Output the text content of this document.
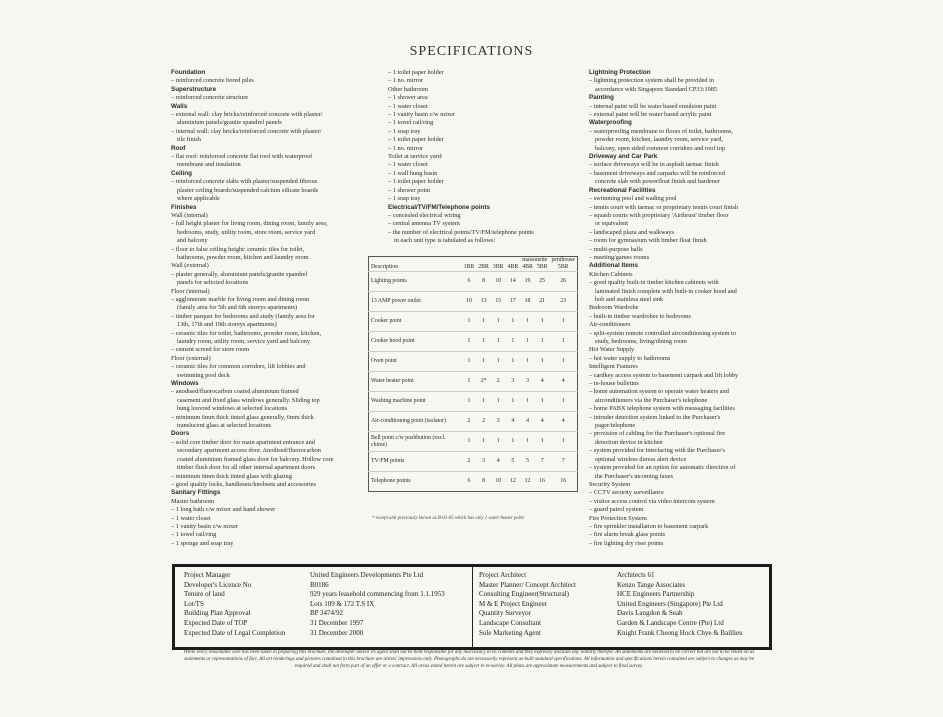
SPECIFICATIONS
Foundation
– reinforced concrete bored piles
Superstructure
– reinforced concrete structure
Walls
– external wall: clay bricks/reinforced concrete with plaster/
aluminium panels/granite spandrel panels
– internal wall: clay bricks/reinforced concrete with plaster/
tile finish
Roof
– flat roof: reinforced concrete flat roof with waterproof
membrane and insulation
Ceiling
– reinforced concrete slabs with plaster/suspended fibrous
plaster ceiling boards/suspended calcium silicate boards
where applicable
Finishes
Wall (internal)
– full height plaster for living room, dining room, family area,
bedrooms, study, utility room, store room, service yard
and balcony
– floor to false ceiling height: ceramic tiles for toilet,
bathrooms, powder room, kitchen and laundry room
Wall (external)
– plaster generally, aluminium panels/granite spandrel
panels for selected locations
Floor (internal)
– agglomerate marble for living room and dining room
(family area for 5th and 6th storeys apartments)
– timber parquet for bedrooms and study (family area for
13th, 17th and 19th storeys apartments)
– ceramic tiles for toilet, bathrooms, powder room, kitchen,
laundry room, utility room, service yard and balcony
– cement screed for store room
Floor (external)
– ceramic tiles for common corridors, lift lobbies and
swimming pool deck
Windows
– anodised/fluorocarbon coated aluminium framed
casement and fixed glass windows generally. Sliding top
hung louvred windows at selected locations
– minimum 6mm thick tinted glass generally, 6mm thick
translucent glass at selected locations
Doors
– solid core timber door for main apartment entrance and
secondary apartment access door. Anodised/fluorocarbon
coated aluminium framed glass door for balcony. Hollow core
timber flush door for all other internal apartment doors
– minimum 6mm thick tinted glass with glazing
– good quality locks, handlesets/knobsets and accessories
Sanitary Fittings
Master bathroom
– 1 long bath c/w mixer and hand shower
– 1 water closet
– 1 vanity basin c/w mixer
– 1 towel rail/ring
– 1 sponge and soap tray
– 1 toilet paper holder
– 1 no. mirror
Other bathroom
– 1 shower area
– 1 water closet
– 1 vanity basin c/w mixer
– 1 towel rail/ring
– 1 soap tray
– 1 toilet paper holder
– 1 no. mirror
Toilet at service yard:
– 1 water closet
– 1 wall hung basin
– 1 toilet paper holder
– 1 shower point
– 1 soap tray
Electrical/TV/FM/Telephone points
– concealed electrical wiring
– central antenna TV system
– the number of electrical points/TV/FM/telephone points
in each unit type is tabulated as follows:
Lightning Protection
– lightning protection system shall be provided in
accordance with Singapore Standard CP33:1985
Painting
– internal paint will be water based emulsion paint
– external paint will be water based acrylic paint
Waterproofing
– waterproofing membrane to floors of toilet, bathrooms,
powder room, kitchen, laundry room, service yard,
balcony, open sided common corridors and roof top
Driveway and Car Park
– surface driveways will be in asphalt tarmac finish
– basement driveways and carparks will be reinforced
concrete slab with powerfloat finish and hardener
Recreational Facilities
– swimming pool and wading pool
– tennis court with tarmac or proprietary tennis court finish
– squash courts with proprietary 'Airthrust' timber floor
or equivalent
– landscaped plaza and walkways
– room for gymnasium with timber float finish
– multi-purpose halls
– meeting/games rooms
Additional Items
Kitchen Cabinets
– good quality built-in timber kitchen cabinets with
laminated finish complete with built-in cooker hood and
hob and stainless steel sink
Bedroom Wardrobe
– built-in timber wardrobes to bedrooms
Air-conditioners
– split-system remote controlled airconditioning system to
study, bedrooms, living/dining room
Hot Water Supply
– hot water supply to bathrooms
Intelligent Features
– cardkey access system to basement carpark and lift lobby
– in-house bulletins
– home automation system to operate water heaters and
airconditioners via the Purchaser's telephone
– home PABX telephone system with messaging facilities
– intruder detection system linked to the Purchaser's
pager/telephone
– provision of cabling for the Purchaser's optional fire
detection device in kitchen
– system provided for interfacing with the Purchaser's
optional wireless duress alert device
– system provided for an option for automatic direction of
the Purchaser's incoming faxes
Security System
– CCTV security surveillance
– visitor access control via video intercom system
– guard patrol system
Fire Protection System
– fire sprinkler installation to basement carpark
– fire alarm break glass points
– fire lighting dry riser points
					maisonette		penthouse
Description	1BR	2BR	3BR	4BR	4BR	5BR	5BR
Lighting points	6	8	10	14	19	25	26
13 AMP power outlet	10	13	15	17	18	21	23
Cooker point	1	1	1	1	1	1	1
Cooker hood point	1	1	1	1	1	1	1
Oven point	1	1	1	1	1	1	1
Water heater point	1	2*	2	3	3	4	4
Washing machine point	1	1	1	1	1	1	1
Air-conditioning point (isolator)	2	2	3	4	4	4	4
Bell point c/w pushbutton (excl. chime)	1	1	1	1	1	1	1
TV/FM points	2	3	4	5	5	7	7
Telephone points	6	8	10	12	12	16	16
* except unit previously known as B-01-05 which has only 1 water heater point
Project Manager	United Engineers Developments Pte Ltd
Developer's Licence No	B0186
Tenure of land	929 years leasehold commencing from 1.1.1953
Lot/TS	Lots 109 & 172 T.S IX
Building Plan Approval	BP 3474/92
Expected Date of TOP	31 December 1997
Expected Date of Legal Completion	31 December 2000
Project Architect	Architects 61
Master Planner/ Concept Architect	Kenzo Tange Associates
Consulting Engineer(Structural)	HCE Engineers Partnership
M & E Project Engineer	United Engineers (Singapore) Pte Ltd
Quantity Surveyor	Davis Langdon & Seah
Landscape Consultant	Garden & Landscape Centre (Pte) Ltd
Sole Marketing Agent	Knight Frank Cheong Hock Chye & Baillieu
While every reasonable care has been taken in preparing this brochure, the developer and/or its agent shall not be held responsible for any inaccuracy in its contents and they expressly disclaim any liability therefor. All statements are believed to be correct but are not to be relied on as statements or representations of fact. All art renderings and pictures contained in this brochure are artists' impressions only. Photographs do not necessarily represent as-built standard specifications. All information and specifications herein contained are subject to changes as may be required and shall not form part of an offer or a contract. All areas stated herein are subject to re-survey. All plans are approximate measurements and subject to final survey.
